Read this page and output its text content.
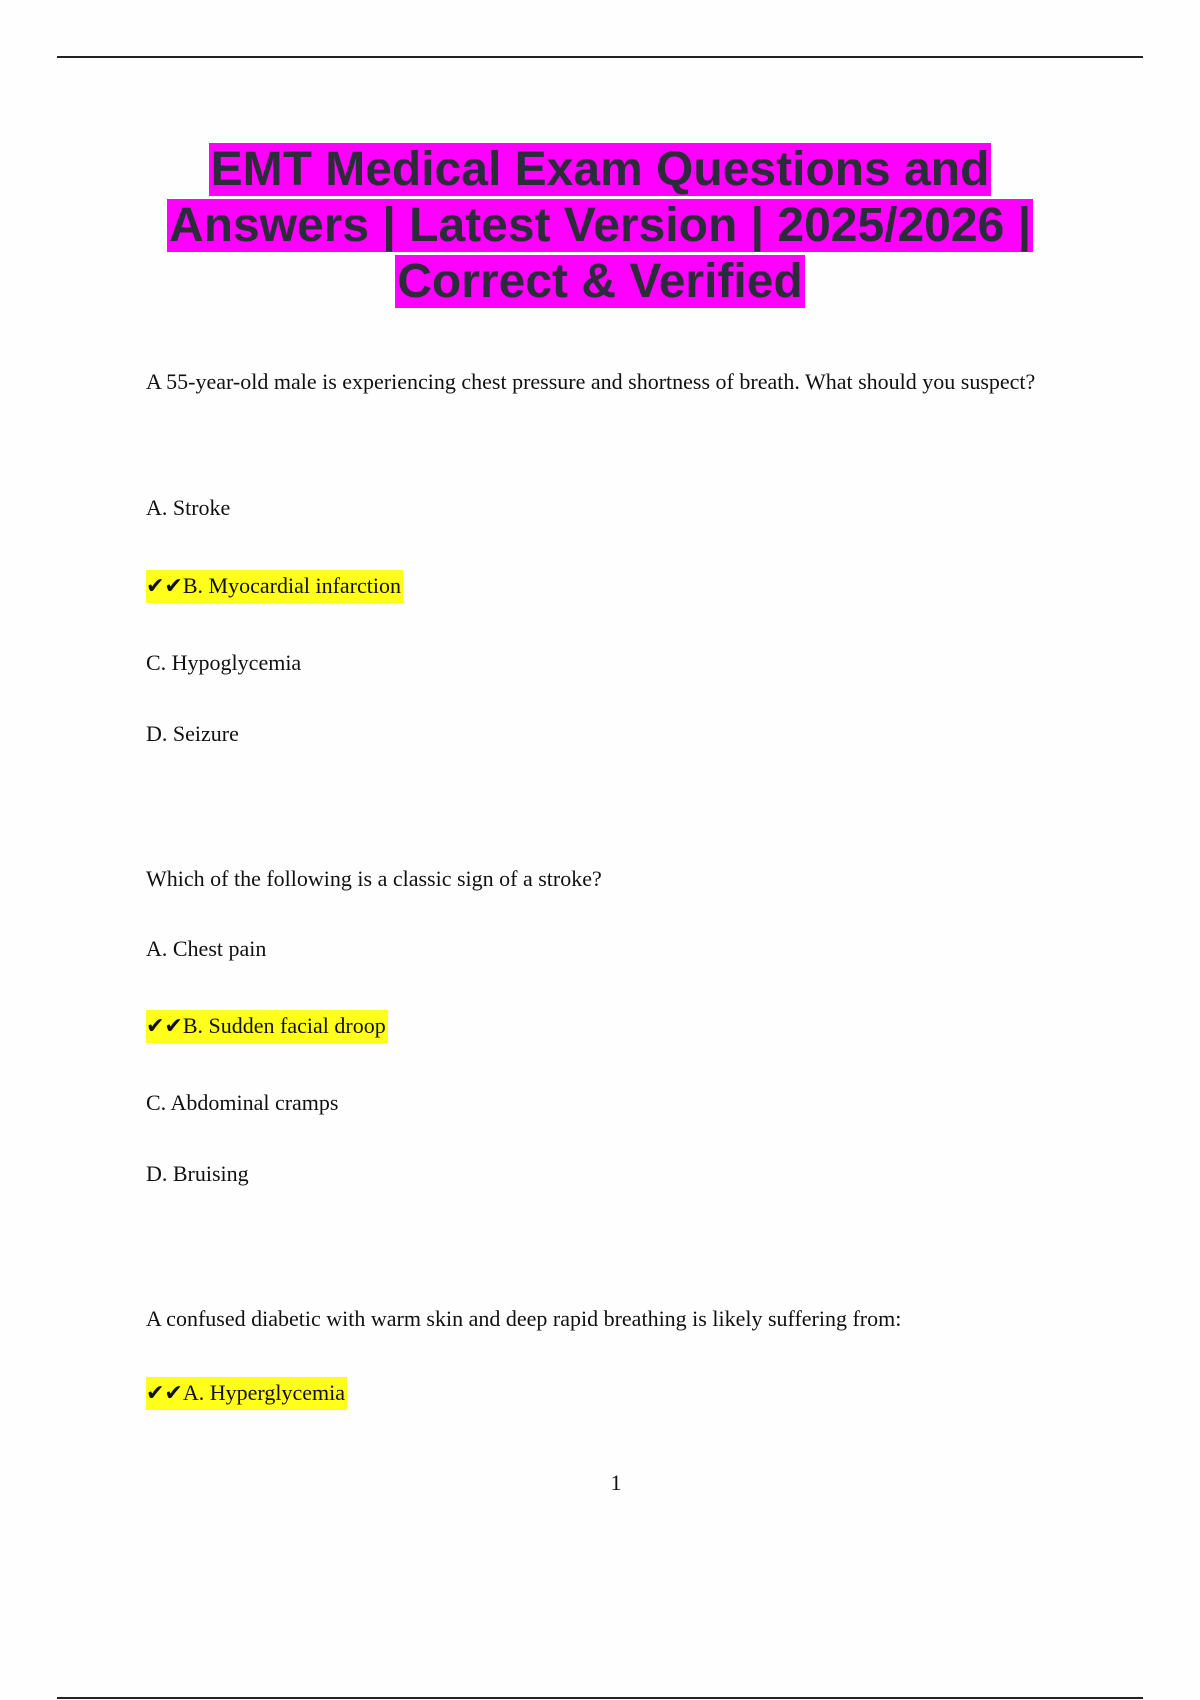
EMT Medical Exam Questions and
Answers | Latest Version | 2025/2026 |
Correct & Verified
A 55-year-old male is experiencing chest pressure and shortness of breath. What should you suspect?
A. Stroke
✔✔B. Myocardial infarction
C. Hypoglycemia
D. Seizure
Which of the following is a classic sign of a stroke?
A. Chest pain
✔✔B. Sudden facial droop
C. Abdominal cramps
D. Bruising
A confused diabetic with warm skin and deep rapid breathing is likely suffering from:
✔✔A. Hyperglycemia
1
